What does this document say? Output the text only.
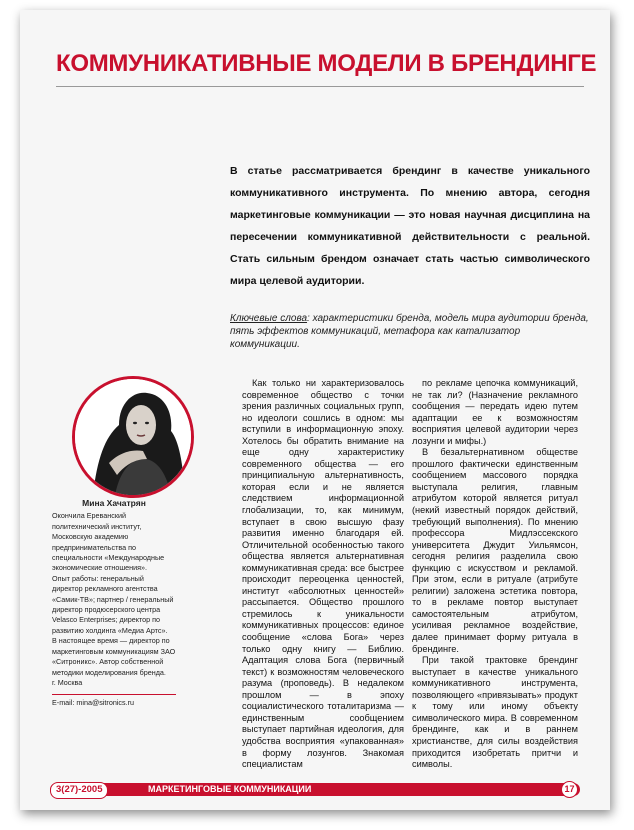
КОММУНИКАТИВНЫЕ МОДЕЛИ В БРЕНДИНГЕ

В статье рассматривается брендинг в качестве уникального коммуникативного инструмента. По мнению автора, сегодня маркетинговые коммуникации — это новая научная дисциплина на пересечении коммуникативной действительности с реальной. Стать сильным брендом означает стать частью символического мира целевой аудитории.

Ключевые слова: характеристики бренда, модель мира аудитории бренда, пять эффектов коммуникаций, метафора как катализатор коммуникации.

Мина Хачатрян
Окончила Ереванский политехнический институт, Московскую академию предпринимательства по специальности «Международные экономические отношения».
Опыт работы: генеральный директор рекламного агентства «Самик-ТВ»; партнер / генеральный директор продюсерского центра Velasco Enterprises; директор по развитию холдинга «Медиа Артс».
В настоящее время — директор по маркетинговым коммуникациям ЗАО «Ситроникс». Автор собственной методики моделирования бренда.
г. Москва
E-mail: mina@sitronics.ru

Как только ни характеризовалось современное общество с точки зрения различных социальных групп, но идеологи сошлись в одном: мы вступили в информационную эпоху. Хотелось бы обратить внимание на еще одну характеристику современного общества — его принципиальную альтернативность, которая если и не является следствием информационной глобализации, то, как минимум, вступает в свою высшую фазу развития именно благодаря ей. Отличительной особенностью такого общества является альтернативная коммуникативная среда: все быстрее происходит переоценка ценностей, институт «абсолютных ценностей» рассыпается. Общество прошлого стремилось к уникальности коммуникативных процессов: единое сообщение «слова Бога» через только одну книгу — Библию. Адаптация слова Бога (первичный текст) к возможностям человеческого разума (проповедь). В недалеком прошлом — в эпоху социалистического тоталитаризма — единственным сообщением выступает партийная идеология, для удобства восприятия «упакованная» в форму лозунгов. Знакомая специалистам

по рекламе цепочка коммуникаций, не так ли? (Назначение рекламного сообщения — передать идею путем адаптации ее к возможностям восприятия целевой аудитории через лозунги и мифы.)

В безальтернативном обществе прошлого фактически единственным сообщением массового порядка выступала религия, главным атрибутом которой является ритуал (некий известный порядок действий, требующий выполнения). По мнению профессора Мидлэссекского университета Джудит Уильямсон, сегодня религия разделила свою функцию с искусством и рекламой. При этом, если в ритуале (атрибуте религии) заложена эстетика повтора, то в рекламе повтор выступает самостоятельным атрибутом, усиливая рекламное воздействие, далее принимает форму ритуала в брендинге.

При такой трактовке брендинг выступает в качестве уникального коммуникативного инструмента, позволяющего «привязывать» продукт к тому или иному объекту символического мира. В современном брендинге, как и в раннем христианстве, для силы воздействия приходится изобретать притчи и символы.

3(27)-2005	МАРКЕТИНГОВЫЕ КОММУНИКАЦИИ	17
